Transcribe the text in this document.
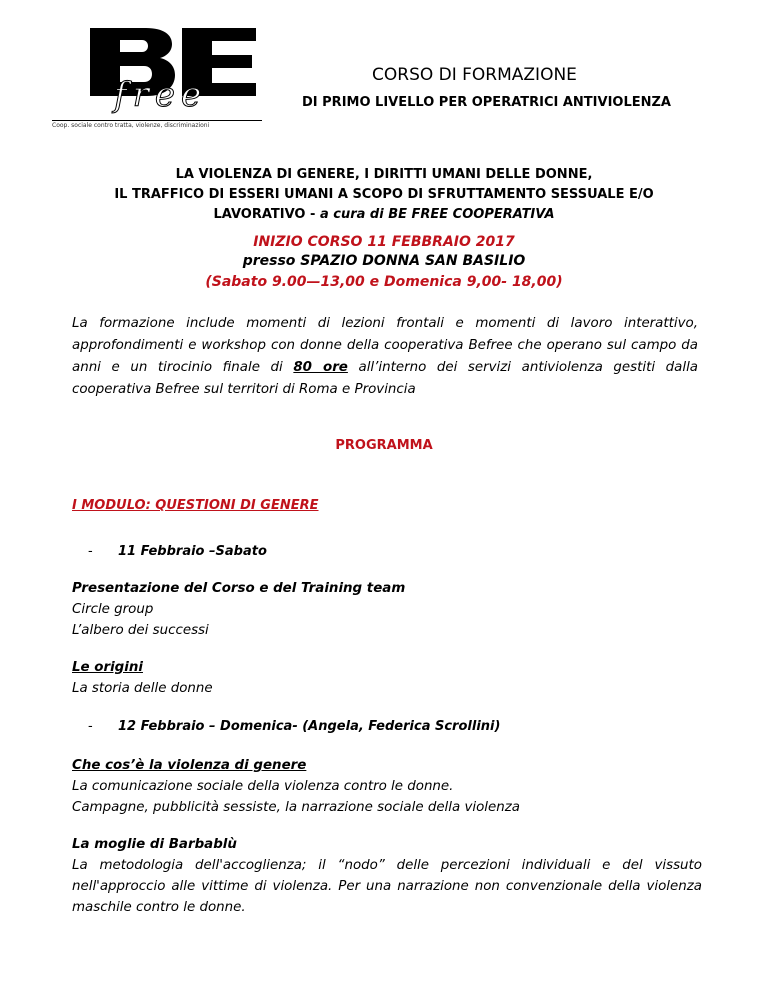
free
Coop. sociale contro tratta, violenze, discriminazioni
CORSO DI FORMAZIONE
DI PRIMO LIVELLO PER OPERATRICI ANTIVIOLENZA
LA VIOLENZA DI GENERE, I DIRITTI UMANI DELLE DONNE,
IL TRAFFICO DI ESSERI UMANI A SCOPO DI SFRUTTAMENTO SESSUALE E/O
LAVORATIVO - a cura di BE FREE COOPERATIVA
INIZIO CORSO 11 FEBBRAIO 2017
presso SPAZIO DONNA SAN BASILIO
(Sabato 9.00—13,00 e Domenica 9,00- 18,00)
La formazione include momenti di lezioni frontali e momenti di lavoro interattivo, approfondimenti e workshop con donne della cooperativa Befree che operano sul campo da anni e un tirocinio finale di 80 ore all’interno dei servizi antiviolenza gestiti dalla cooperativa Befree sul territori di Roma e Provincia
PROGRAMMA
I MODULO: QUESTIONI DI GENERE
- 11 Febbraio –Sabato
Presentazione del Corso e del Training team
Circle group
L’albero dei successi
Le origini
La storia delle donne
- 12 Febbraio – Domenica- (Angela, Federica Scrollini)
Che cos’è la violenza di genere
La comunicazione sociale della violenza contro le donne.
Campagne, pubblicità sessiste, la narrazione sociale della violenza
La moglie di Barbablù
La metodologia dell'accoglienza; il “nodo” delle percezioni individuali e del vissuto nell'approccio alle vittime di violenza. Per una narrazione non convenzionale della violenza maschile contro le donne.
